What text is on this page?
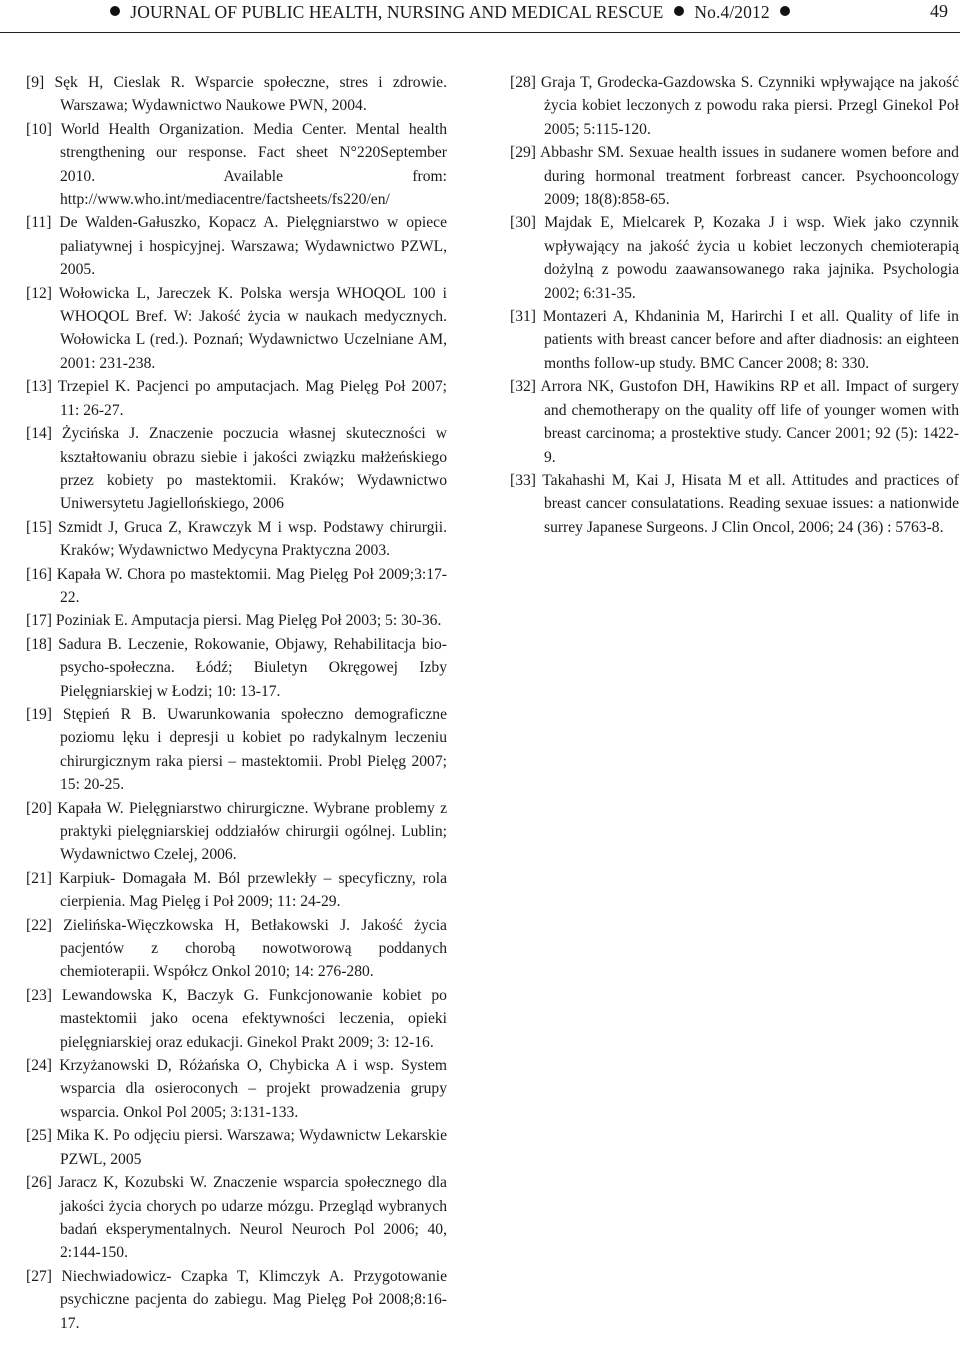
JOURNAL OF PUBLIC HEALTH, NURSING AND MEDICAL RESCUE No.4/2012	49

[9] Sęk H, Cieslak R. Wsparcie społeczne, stres i zdrowie. Warszawa; Wydawnictwo Naukowe PWN, 2004.

[10] World Health Organization. Media Center. Mental health strengthening our response. Fact sheet N°220September 2010. Available from: http://www.who.int/mediacentre/factsheets/fs220/en/

[11] De Walden-Gałuszko, Kopacz A. Pielęgniarstwo w opiece paliatywnej i hospicyjnej. Warszawa; Wydawnictwo PZWL, 2005.

[12] Wołowicka L, Jareczek K. Polska wersja WHOQOL 100 i WHOQOL Bref. W: Jakość życia w naukach medycznych. Wołowicka L (red.). Poznań; Wydawnictwo Uczelniane AM, 2001: 231-238.

[13] Trzepiel K. Pacjenci po amputacjach. Mag Pielęg Poł 2007; 11: 26-27.

[14] Życińska J. Znaczenie poczucia własnej skuteczności w kształtowaniu obrazu siebie i jakości związku małżeńskiego przez kobiety po mastektomii. Kraków; Wydawnictwo Uniwersytetu Jagiellońskiego, 2006

[15] Szmidt J, Gruca Z, Krawczyk M i wsp. Podstawy chirurgii. Kraków; Wydawnictwo Medycyna Praktyczna 2003.

[16] Kapała W. Chora po mastektomii. Mag Pielęg Poł 2009;3:17-22.

[17] Poziniak E. Amputacja piersi. Mag Pielęg Poł 2003; 5: 30-36.

[18] Sadura B. Leczenie, Rokowanie, Objawy, Rehabilitacja bio-psycho-społeczna. Łódź; Biuletyn Okręgowej Izby Pielęgniarskiej w Łodzi; 10: 13-17.

[19] Stępień R B. Uwarunkowania społeczno demograficzne poziomu lęku i depresji u kobiet po radykalnym leczeniu chirurgicznym raka piersi – mastektomii. Probl Pielęg 2007; 15: 20-25.

[20] Kapała W. Pielęgniarstwo chirurgiczne. Wybrane problemy z praktyki pielęgniarskiej oddziałów chirurgii ogólnej. Lublin; Wydawnictwo Czelej, 2006.

[21] Karpiuk- Domagała M. Ból przewlekły – specyficzny, rola cierpienia. Mag Pielęg i Poł 2009; 11: 24-29.

[22] Zielińska-Więczkowska H, Betłakowski J. Jakość życia pacjentów z chorobą nowotworową poddanych chemioterapii. Współcz Onkol 2010; 14: 276-280.

[23] Lewandowska K, Baczyk G. Funkcjonowanie kobiet po mastektomii jako ocena efektywności leczenia, opieki pielęgniarskiej oraz edukacji. Ginekol Prakt 2009; 3: 12-16.

[24] Krzyżanowski D, Różańska O, Chybicka A i wsp. System wsparcia dla osieroconych – projekt prowadzenia grupy wsparcia. Onkol Pol 2005; 3:131-133.

[25] Mika K. Po odjęciu piersi. Warszawa; Wydawnictw Lekarskie PZWL, 2005

[26] Jaracz K, Kozubski W. Znaczenie wsparcia społecznego dla jakości życia chorych po udarze mózgu. Przegląd wybranych badań eksperymentalnych. Neurol Neuroch Pol 2006; 40, 2:144-150.

[27] Niechwiadowicz- Czapka T, Klimczyk A. Przygotowanie psychiczne pacjenta do zabiegu. Mag Pielęg Poł 2008;8:16-17.

[28] Graja T, Grodecka-Gazdowska S. Czynniki wpływające na jakość życia kobiet leczonych z powodu raka piersi. Przegl Ginekol Poł 2005; 5:115-120.

[29] Abbashr SM. Sexuae health issues in sudanere women before and during hormonal treatment forbreast cancer. Psychooncology 2009; 18(8):858-65.

[30] Majdak E, Mielcarek P, Kozaka J i wsp. Wiek jako czynnik wpływający na jakość życia u kobiet leczonych chemioterapią dożylną z powodu zaawansowanego raka jajnika. Psychologia 2002; 6:31-35.

[31] Montazeri A, Khdaninia M, Harirchi I et all. Quality of life in patients with breast cancer before and after diadnosis: an eighteen months follow-up study. BMC Cancer 2008; 8: 330.

[32] Arrora NK, Gustofon DH, Hawikins RP et all. Impact of surgery and chemotherapy on the quality off life of younger women with breast carcinoma; a prostektive study. Cancer 2001; 92 (5): 1422- 9.

[33] Takahashi M, Kai J, Hisata M et all. Attitudes and practices of breast cancer consulatations. Reading sexuae issues: a nationwide surrey Japanese Surgeons. J Clin Oncol, 2006; 24 (36) : 5763-8.
